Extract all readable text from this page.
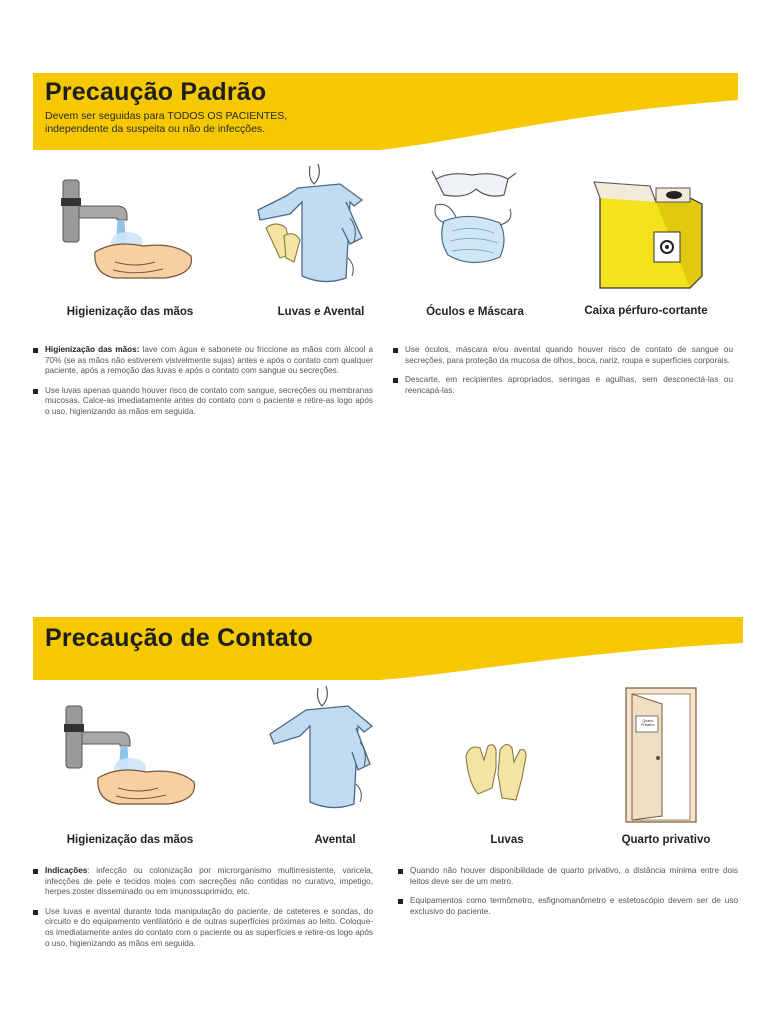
Precaução Padrão

Devem ser seguidas para TODOS OS PACIENTES,
independente da suspeita ou não de infecções.

Higienização das mãos	Luvas e Avental	Óculos e Máscara	Caixa pérfuro-cortante
Higienização das mãos: lave com água e sabonete ou friccione as mãos com álcool a 70% (se as mãos não estiverem visivelmente sujas) antes e após o contato com qualquer paciente, após a remoção das luvas e após o contato com sangue ou secreções.
Use luvas apenas quando houver risco de contato com sangue, secreções ou membranas mucosas. Calce-as imediatamente antes do contato com o paciente e retire-as logo após o uso, higienizando as mãos em seguida.
Use óculos, máscara e/ou avental quando houver risco de contato de sangue ou secreções, para proteção da mucosa de olhos, boca, nariz, roupa e superfícies corporais.
Descarte, em recipientes apropriados, seringas e agulhas, sem desconectá-las ou reencapá-las.
Precaução de Contato
Quarto Privativo
Higienização das mãos	Avental	Luvas	Quarto privativo
Indicações: infecção ou colonização por microrganismo multirresistente, varicela, infecções de pele e tecidos moles com secreções não contidas no curativo, impetigo, herpes zoster disseminado ou em imunossuprimido, etc.
Use luvas e avental durante toda manipulação do paciente, de cateteres e sondas, do circuito e do equipamento ventilatório e de outras superfícies próximas ao leito. Coloque-os imediatamente antes do contato com o paciente ou as superfícies e retire-os logo após o uso, higienizando as mãos em seguida.
Quando não houver disponibilidade de quarto privativo, a distância mínima entre dois leitos deve ser de um metro.
Equipamentos como termômetro, esfignomanômetro e estetoscópio devem ser de uso exclusivo do paciente.
